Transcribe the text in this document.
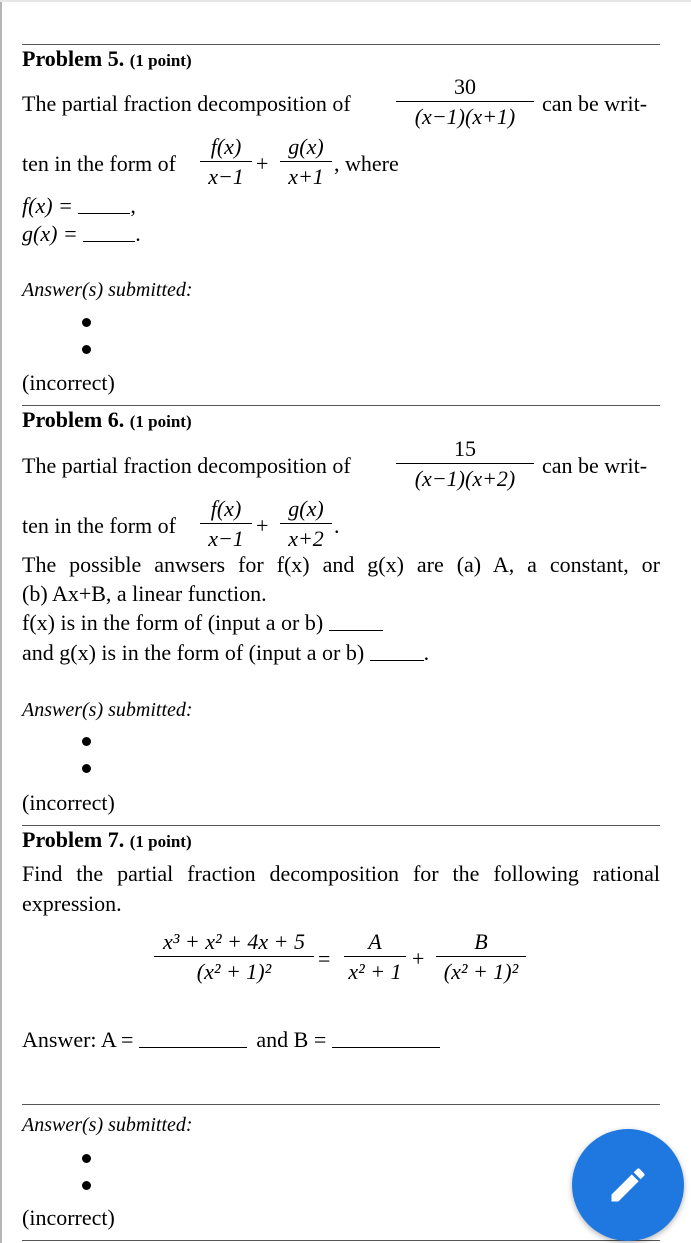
Problem 5. (1 point)
The partial fraction decomposition of
30
(x−1)(x+1)
can be writ-
ten in the form of
f(x)
x−1
+
g(x)
x+1
, where
f(x) =	,
g(x) =	.
Answer(s) submitted:
(incorrect)
Problem 6. (1 point)
The partial fraction decomposition of
15
(x−1)(x+2)
can be writ-
ten in the form of
f(x)
x−1
+
g(x)
x+2
.
The possible anwsers for f(x) and g(x) are (a) A, a constant, or
(b) Ax+B, a linear function.
f(x) is in the form of (input a or b)
and g(x) is in the form of (input a or b)	.
Answer(s) submitted:
(incorrect)
Problem 7. (1 point)
Find the partial fraction decomposition for the following rational
expression.
x³ + x² + 4x + 5
(x² + 1)²
=
A
x² + 1
+
B
(x² + 1)²
Answer: A =	and B =
Answer(s) submitted:
(incorrect)
